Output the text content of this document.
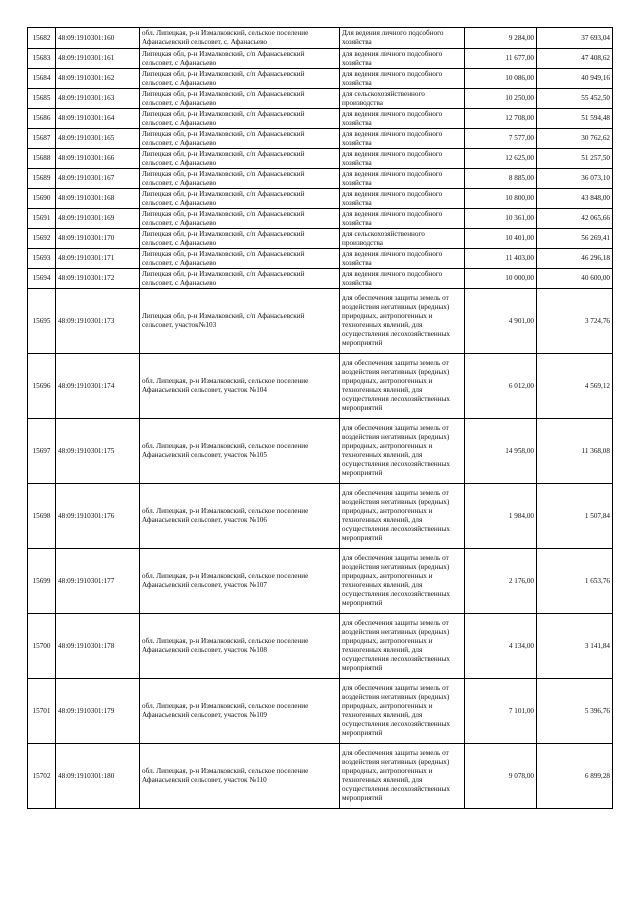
15682	48:09:1910301:160	обл. Липецкая, р-н Измалковский, сельское поселение Афанасьевский сельсовет, с. Афанасьево	Для ведения личного подсобного хозяйства	9 284,00	37 693,04
15683	48:09:1910301:161	Липецкая обл, р-н Измалковский, с/п Афанасьевский сельсовет, с Афанасьево	для ведения личного подсобного хозяйства	11 677,00	47 408,62
15684	48:09:1910301:162	Липецкая обл, р-н Измалковский, с/п Афанасьевский сельсовет, с Афанасьево	для ведения личного подсобного хозяйства	10 086,00	40 949,16
15685	48:09:1910301:163	Липецкая обл, р-н Измалковский, с/п Афанасьевский сельсовет, с Афанасьево	для сельскохозяйственного производства	10 250,00	55 452,50
15686	48:09:1910301:164	Липецкая обл, р-н Измалковский, с/п Афанасьевский сельсовет, с Афанасьево	для ведения личного подсобного хозяйства	12 708,00	51 594,48
15687	48:09:1910301:165	Липецкая обл, р-н Измалковский, с/п Афанасьевский сельсовет, с Афанасьево	для ведения личного подсобного хозяйства	7 577,00	30 762,62
15688	48:09:1910301:166	Липецкая обл, р-н Измалковский, с/п Афанасьевский сельсовет, с Афанасьево	для ведения личного подсобного хозяйства	12 625,00	51 257,50
15689	48:09:1910301:167	Липецкая обл, р-н Измалковский, с/п Афанасьевский сельсовет, с Афанасьево	для ведения личного подсобного хозяйства	8 885,00	36 073,10
15690	48:09:1910301:168	Липецкая обл, р-н Измалковский, с/п Афанасьевский сельсовет, с Афанасьево	для ведения личного подсобного хозяйства	10 800,00	43 848,00
15691	48:09:1910301:169	Липецкая обл, р-н Измалковский, с/п Афанасьевский сельсовет, с Афанасьево	для ведения личного подсобного хозяйства	10 361,00	42 065,66
15692	48:09:1910301:170	Липецкая обл, р-н Измалковский, с/п Афанасьевский сельсовет, с Афанасьево	для сельскохозяйственного производства	10 401,00	56 269,41
15693	48:09:1910301:171	Липецкая обл, р-н Измалковский, с/п Афанасьевский сельсовет, с Афанасьево	для ведения личного подсобного хозяйства	11 403,00	46 296,18
15694	48:09:1910301:172	Липецкая обл, р-н Измалковский, с/п Афанасьевский сельсовет, с Афанасьево	для ведения личного подсобного хозяйства	10 000,00	40 600,00
15695	48:09:1910301:173	Липецкая обл, р-н Измалковский, с/п Афанасьевский сельсовет, участок№103	для обеспечения защиты земель от воздействия негативных (вредных) природных, антропогенных и техногенных явлений, для осуществления лесохозяйственных мероприятий	4 901,00	3 724,76
15696	48:09:1910301:174	обл. Липецкая, р-н Измалковский, сельское поселение Афанасьевский сельсовет, участок №104	для обеспечения защиты земель от воздействия негативных (вредных) природных, антропогенных и техногенных явлений, для осуществления лесохозяйственных мероприятий	6 012,00	4 569,12
15697	48:09:1910301:175	обл. Липецкая, р-н Измалковский, сельское поселение Афанасьевский сельсовет, участок №105	для обеспечения защиты земель от воздействия негативных (вредных) природных, антропогенных и техногенных явлений, для осуществления лесохозяйственных мероприятий	14 958,00	11 368,08
15698	48:09:1910301:176	обл. Липецкая, р-н Измалковский, сельское поселение Афанасьевский сельсовет, участок №106	для обеспечения защиты земель от воздействия негативных (вредных) природных, антропогенных и техногенных явлений, для осуществления лесохозяйственных мероприятий	1 984,00	1 507,84
15699	48:09:1910301:177	обл. Липецкая, р-н Измалковский, сельское поселение Афанасьевский сельсовет, участок №107	для обеспечения защиты земель от воздействия негативных (вредных) природных, антропогенных и техногенных явлений, для осуществления лесохозяйственных мероприятий	2 176,00	1 653,76
15700	48:09:1910301:178	обл. Липецкая, р-н Измалковский, сельское поселение Афанасьевский сельсовет, участок №108	для обеспечения защиты земель от воздействия негативных (вредных) природных, антропогенных и техногенных явлений, для осуществления лесохозяйственных мероприятий	4 134,00	3 141,84
15701	48:09:1910301:179	обл. Липецкая, р-н Измалковский, сельское поселение Афанасьевский сельсовет, участок №109	для обеспечения защиты земель от воздействия негативных (вредных) природных, антропогенных и техногенных явлений, для осуществления лесохозяйственных мероприятий	7 101,00	5 396,76
15702	48:09:1910301:180	обл. Липецкая, р-н Измалковский, сельское поселение Афанасьевский сельсовет, участок №110	для обеспечения защиты земель от воздействия негативных (вредных) природных, антропогенных и техногенных явлений, для осуществления лесохозяйственных мероприятий	9 078,00	6 899,28
